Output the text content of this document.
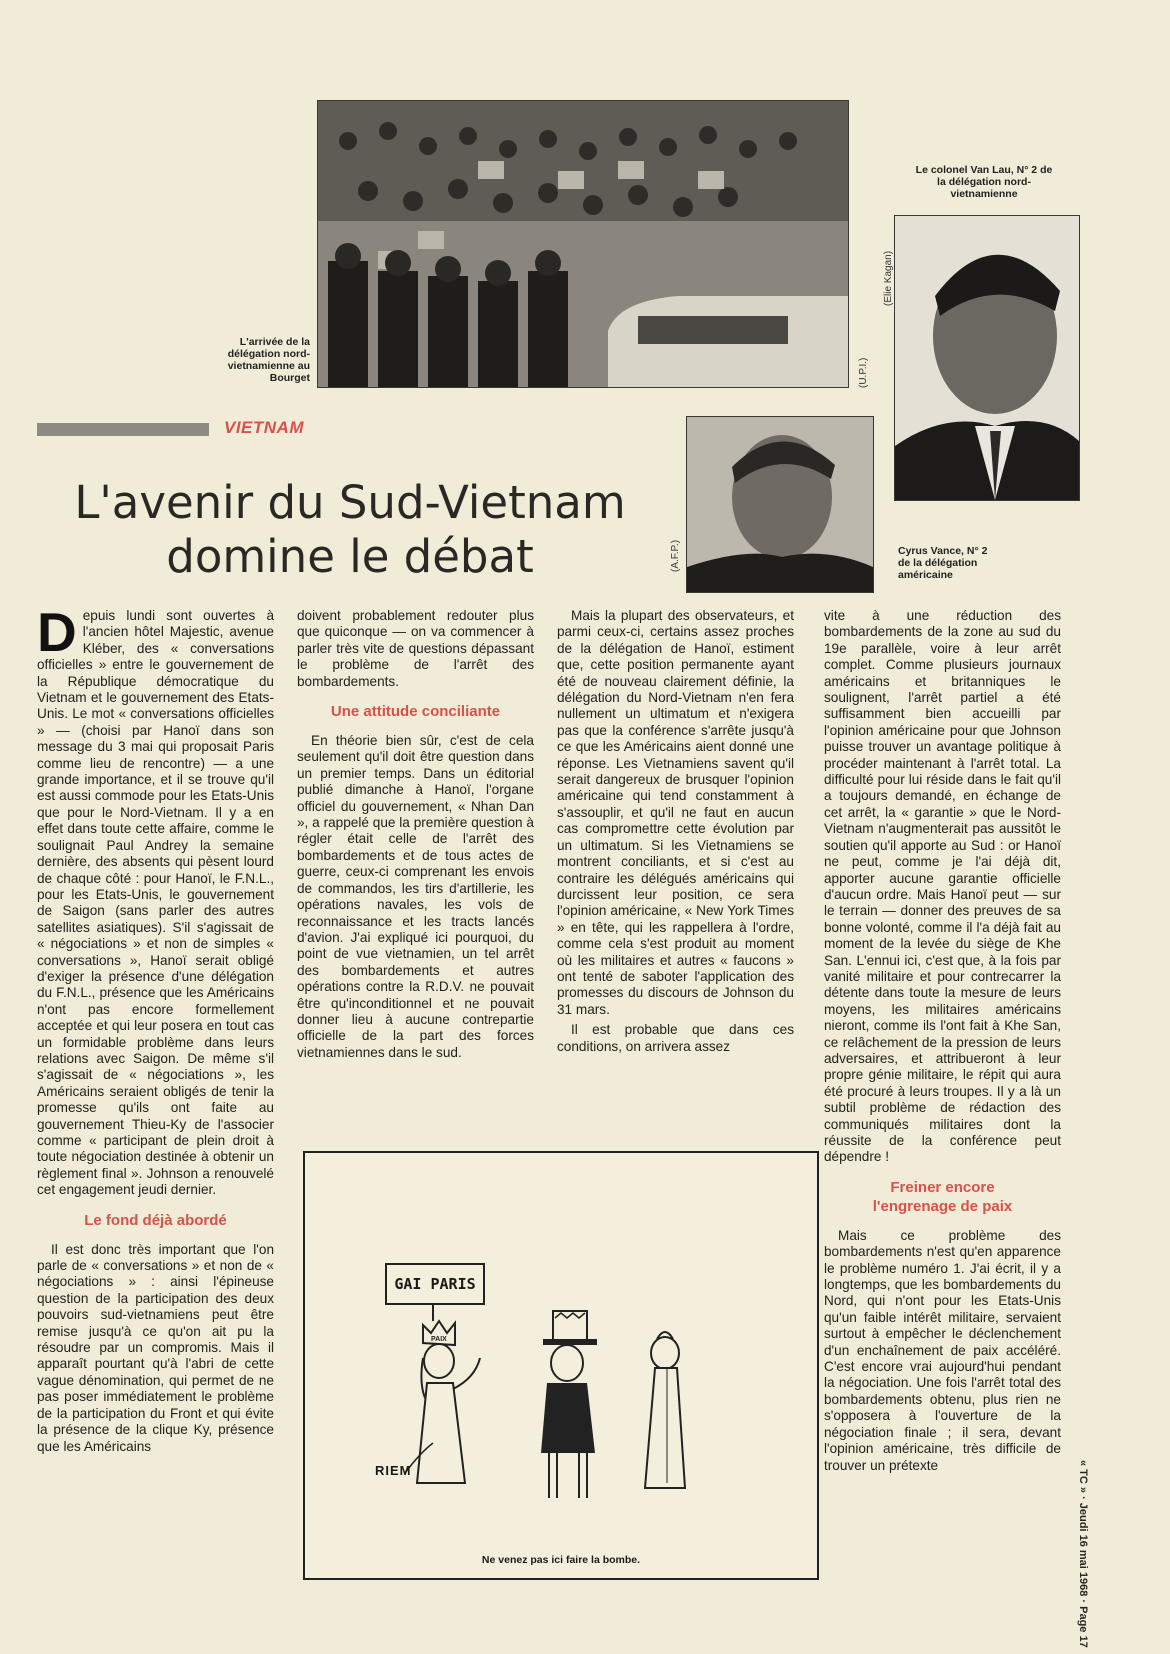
L'arrivée de la délégation nord-vietnamienne au Bourget	(U.P.I.)
Le colonel Van Lau, N° 2 de la délégation nord-vietnamienne
(Elie Kagan)
Cyrus Vance, N° 2 de la délégation américaine
(A.F.P.)
VIETNAM
L'avenir du Sud-Vietnam
domine le débat

Depuis lundi sont ouvertes à l'ancien hôtel Majestic, avenue Kléber, des « conversations officielles » entre le gouvernement de la République démocratique du Vietnam et le gouvernement des Etats-Unis. Le mot « conversations officielles » — (choisi par Hanoï dans son message du 3 mai qui proposait Paris comme lieu de rencontre) — a une grande importance, et il se trouve qu'il est aussi commode pour les Etats-Unis que pour le Nord-Vietnam. Il y a en effet dans toute cette affaire, comme le soulignait Paul Andrey la semaine dernière, des absents qui pèsent lourd de chaque côté : pour Hanoï, le F.N.L., pour les Etats-Unis, le gouvernement de Saigon (sans parler des autres satellites asiatiques). S'il s'agissait de « négociations » et non de simples « conversations », Hanoï serait obligé d'exiger la présence d'une délégation du F.N.L., présence que les Américains n'ont pas encore formellement acceptée et qui leur posera en tout cas un formidable problème dans leurs relations avec Saigon. De même s'il s'agissait de « négociations », les Américains seraient obligés de tenir la promesse qu'ils ont faite au gouvernement Thieu-Ky de l'associer comme « participant de plein droit à toute négociation destinée à obtenir un règlement final ». Johnson a renouvelé cet engagement jeudi dernier.

Le fond déjà abordé

Il est donc très important que l'on parle de « conversations » et non de « négociations » : ainsi l'épineuse question de la participation des deux pouvoirs sud-vietnamiens peut être remise jusqu'à ce qu'on ait pu la résoudre par un compromis. Mais il apparaît pourtant qu'à l'abri de cette vague dénomination, qui permet de ne pas poser immédiatement le problème de la participation du Front et qui évite la présence de la clique Ky, présence que les Américains

doivent probablement redouter plus que quiconque — on va commencer à parler très vite de questions dépassant le problème de l'arrêt des bombardements.

Une attitude conciliante

En théorie bien sûr, c'est de cela seulement qu'il doit être question dans un premier temps. Dans un éditorial publié dimanche à Hanoï, l'organe officiel du gouvernement, « Nhan Dan », a rappelé que la première question à régler était celle de l'arrêt des bombardements et de tous actes de guerre, ceux-ci comprenant les envois de commandos, les tirs d'artillerie, les opérations navales, les vols de reconnaissance et les tracts lancés d'avion. J'ai expliqué ici pourquoi, du point de vue vietnamien, un tel arrêt des bombardements et autres opérations contre la R.D.V. ne pouvait être qu'inconditionnel et ne pouvait donner lieu à aucune contrepartie officielle de la part des forces vietnamiennes dans le sud.

Mais la plupart des observateurs, et parmi ceux-ci, certains assez proches de la délégation de Hanoï, estiment que, cette position permanente ayant été de nouveau clairement définie, la délégation du Nord-Vietnam n'en fera nullement un ultimatum et n'exigera pas que la conférence s'arrête jusqu'à ce que les Américains aient donné une réponse. Les Vietnamiens savent qu'il serait dangereux de brusquer l'opinion américaine qui tend constamment à s'assouplir, et qu'il ne faut en aucun cas compromettre cette évolution par un ultimatum. Si les Vietnamiens se montrent conciliants, et si c'est au contraire les délégués américains qui durcissent leur position, ce sera l'opinion américaine, « New York Times » en tête, qui les rappellera à l'ordre, comme cela s'est produit au moment où les militaires et autres « faucons » ont tenté de saboter l'application des promesses du discours de Johnson du 31 mars.

Il est probable que dans ces conditions, on arrivera assez

vite à une réduction des bombardements de la zone au sud du 19e parallèle, voire à leur arrêt complet. Comme plusieurs journaux américains et britanniques le soulignent, l'arrêt partiel a été suffisamment bien accueilli par l'opinion américaine pour que Johnson puisse trouver un avantage politique à procéder maintenant à l'arrêt total. La difficulté pour lui réside dans le fait qu'il a toujours demandé, en échange de cet arrêt, la « garantie » que le Nord-Vietnam n'augmenterait pas aussitôt le soutien qu'il apporte au Sud : or Hanoï ne peut, comme je l'ai déjà dit, apporter aucune garantie officielle d'aucun ordre. Mais Hanoï peut — sur le terrain — donner des preuves de sa bonne volonté, comme il l'a déjà fait au moment de la levée du siège de Khe San. L'ennui ici, c'est que, à la fois par vanité militaire et pour contrecarrer la détente dans toute la mesure de leurs moyens, les militaires américains nieront, comme ils l'ont fait à Khe San, ce relâchement de la pression de leurs adversaires, et attribueront à leur propre génie militaire, le répit qui aura été procuré à leurs troupes. Il y a là un subtil problème de rédaction des communiqués militaires dont la réussite de la conférence peut dépendre !

Freiner encore
l'engrenage de paix

Mais ce problème des bombardements n'est qu'en apparence le problème numéro 1. J'ai écrit, il y a longtemps, que les bombardements du Nord, qui n'ont pour les Etats-Unis qu'un faible intérêt militaire, servaient surtout à empêcher le déclenchement d'un enchaînement de paix accéléré. C'est encore vrai aujourd'hui pendant la négociation. Une fois l'arrêt total des bombardements obtenu, plus rien ne s'opposera à l'ouverture de la négociation finale ; il sera, devant l'opinion américaine, très difficile de trouver un prétexte

GAI PARIS
PAIX
RIEM
Ne venez pas ici faire la bombe.	« TC » · Jeudi 16 mai 1968 · Page 17
